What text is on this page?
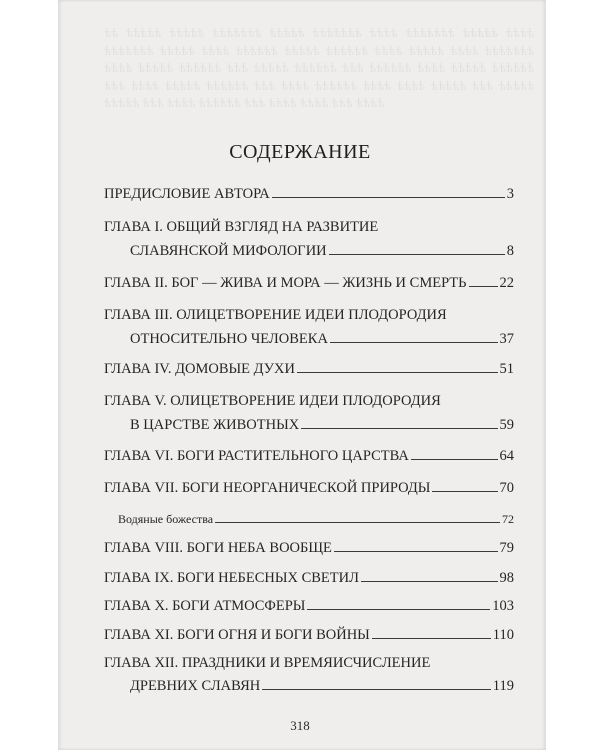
ѣѣ ѣѣѣѣѣ ѣѣѣѣѣ ѣѣѣѣѣѣѣ ѣѣѣѣѣ ѣѣѣѣѣѣѣ ѣѣѣѣ ѣѣѣѣѣѣѣ ѣѣѣѣѣ ѣѣѣѣ ѣѣѣѣѣѣѣ ѣѣѣѣѣ ѣѣѣѣ ѣѣѣѣѣѣ ѣѣѣѣѣ ѣѣѣѣѣѣ ѣѣѣѣ ѣѣѣѣѣ ѣѣѣѣ ѣѣѣѣѣѣѣ ѣѣѣѣ ѣѣѣѣѣ ѣѣѣѣѣѣ ѣѣѣ ѣѣѣѣѣ ѣѣѣѣѣѣ ѣѣѣ ѣѣѣѣѣѣ ѣѣѣѣ ѣѣѣѣѣ ѣѣѣѣѣѣ ѣѣѣ ѣѣѣѣ ѣѣѣѣѣ ѣѣѣѣѣѣ ѣѣѣ ѣѣѣѣ ѣѣѣѣѣѣ ѣѣѣѣ ѣѣѣѣ ѣѣѣѣѣ ѣѣѣ ѣѣѣѣѣ ѣѣѣѣѣ ѣѣѣ ѣѣѣѣ ѣѣѣѣѣѣ ѣѣѣ ѣѣѣѣ ѣѣѣѣ ѣѣѣ ѣѣѣѣ
СОДЕРЖАНИЕ
ПРЕДИСЛОВИЕ АВТОРА	3
ГЛАВА I. ОБЩИЙ ВЗГЛЯД НА РАЗВИТИЕ
СЛАВЯНСКОЙ МИФОЛОГИИ	8
ГЛАВА II. БОГ — ЖИВА И МОРА — ЖИЗНЬ И СМЕРТЬ 22
ГЛАВА III. ОЛИЦЕТВОРЕНИЕ ИДЕИ ПЛОДОРОДИЯ
ОТНОСИТЕЛЬНО ЧЕЛОВЕКА	37
ГЛАВА IV. ДОМОВЫЕ ДУХИ	51
ГЛАВА V. ОЛИЦЕТВОРЕНИЕ ИДЕИ ПЛОДОРОДИЯ
В ЦАРСТВЕ ЖИВОТНЫХ	59
ГЛАВА VI. БОГИ РАСТИТЕЛЬНОГО ЦАРСТВА	64
ГЛАВА VII. БОГИ НЕОРГАНИЧЕСКОЙ ПРИРОДЫ	70
Водяные божества	72
ГЛАВА VIII. БОГИ НЕБА ВООБЩЕ	79
ГЛАВА IX. БОГИ НЕБЕСНЫХ СВЕТИЛ	98
ГЛАВА X. БОГИ АТМОСФЕРЫ	103
ГЛАВА XI. БОГИ ОГНЯ И БОГИ ВОЙНЫ	110
ГЛАВА XII. ПРАЗДНИКИ И ВРЕМЯИСЧИСЛЕНИЕ
ДРЕВНИХ СЛАВЯН	119
318
